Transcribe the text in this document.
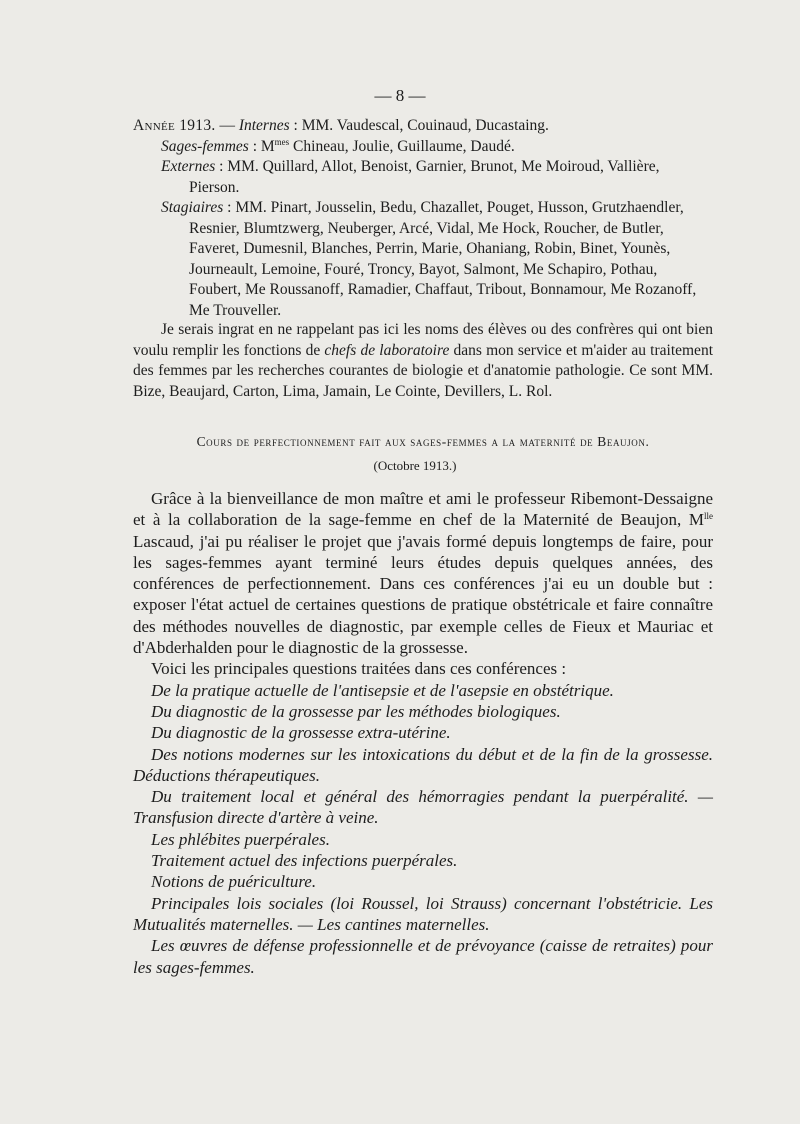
— 8 —

Année 1913. — Internes : MM. Vaudescal, Couinaud, Ducastaing.

Sages-femmes : $M^{mes}$ Chineau, Joulie, Guillaume, Daudé.

Externes : MM. Quillard, Allot, Benoist, Garnier, Brunot, Me Moiroud, Vallière, Pierson.

Stagiaires : MM. Pinart, Jousselin, Bedu, Chazallet, Pouget, Husson, Grutzhaendler, Resnier, Blumtzwerg, Neuberger, Arcé, Vidal, Me Hock, Roucher, de Butler, Faveret, Dumesnil, Blanches, Perrin, Marie, Ohaniang, Robin, Binet, Younès, Journeault, Lemoine, Fouré, Troncy, Bayot, Salmont, Me Schapiro, Pothau, Foubert, Me Roussanoff, Ramadier, Chaffaut, Tribout, Bonnamour, Me Rozanoff, Me Trouveller.

Je serais ingrat en ne rappelant pas ici les noms des élèves ou des confrères qui ont bien voulu remplir les fonctions de chefs de laboratoire dans mon service et m'aider au traitement des femmes par les recherches courantes de biologie et d'anatomie pathologie. Ce sont MM. Bize, Beaujard, Carton, Lima, Jamain, Le Cointe, Devillers, L. Rol.
Cours de perfectionnement fait aux sages-femmes a la maternité de Beaujon.
(Octobre 1913.)

Grâce à la bienveillance de mon maître et ami le professeur Ribemont-Dessaigne et à la collaboration de la sage-femme en chef de la Maternité de Beaujon, $M^{lle}$ Lascaud, j'ai pu réaliser le projet que j'avais formé depuis longtemps de faire, pour les sages-femmes ayant terminé leurs études depuis quelques années, des conférences de perfectionnement. Dans ces conférences j'ai eu un double but : exposer l'état actuel de certaines questions de pratique obstétricale et faire connaître des méthodes nouvelles de diagnostic, par exemple celles de Fieux et Mauriac et d'Abderhalden pour le diagnostic de la grossesse.

Voici les principales questions traitées dans ces conférences :

De la pratique actuelle de l'antisepsie et de l'asepsie en obstétrique.

Du diagnostic de la grossesse par les méthodes biologiques.

Du diagnostic de la grossesse extra-utérine.

Des notions modernes sur les intoxications du début et de la fin de la grossesse. Déductions thérapeutiques.

Du traitement local et général des hémorragies pendant la puerpéralité. — Transfusion directe d'artère à veine.

Les phlébites puerpérales.

Traitement actuel des infections puerpérales.

Notions de puériculture.

Principales lois sociales (loi Roussel, loi Strauss) concernant l'obstétricie. Les Mutualités maternelles. — Les cantines maternelles.

Les œuvres de défense professionnelle et de prévoyance (caisse de retraites) pour les sages-femmes.
